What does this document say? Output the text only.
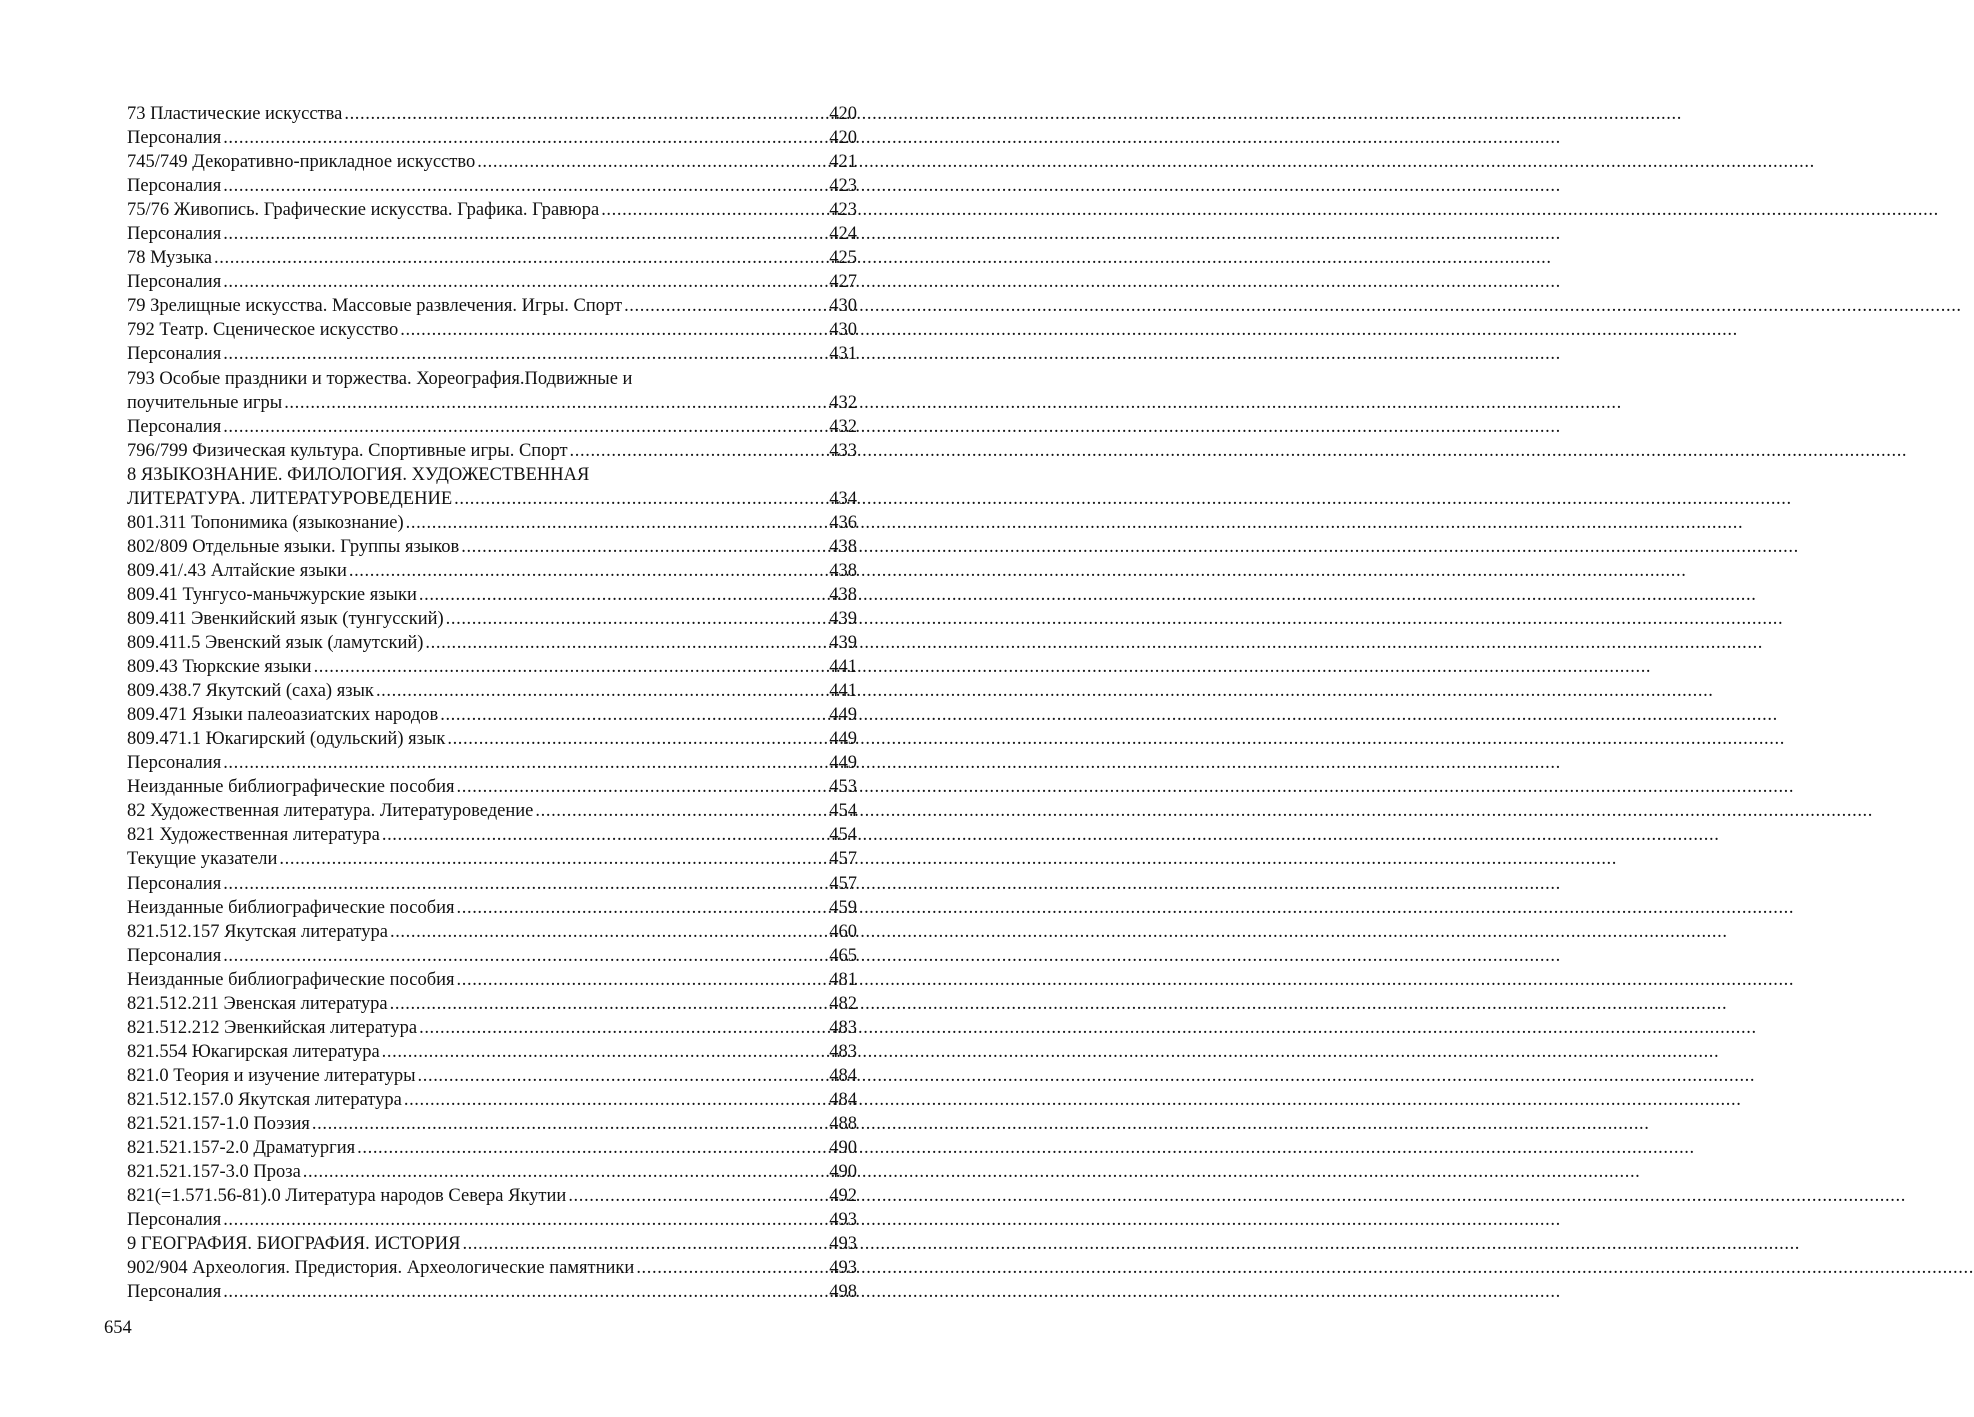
73 Пластические искусства .....	420
Персоналия .....	420
745/749 Декоративно-прикладное искусство .....	421
Персоналия .....	423
75/76 Живопись. Графические искусства. Графика. Гравюра .....	423
Персоналия .....	424
78 Музыка .....	425
Персоналия .....	427
79 Зрелищные искусства. Массовые развлечения. Игры. Спорт .....	430
792 Театр. Сценическое искусство .....	430
Персоналия .....	431
793 Особые праздники и торжества. Хореография.Подвижные и
поучительные игры .....	432
Персоналия .....	432
796/799 Физическая культура. Спортивные игры. Спорт .....	433
8 ЯЗЫКОЗНАНИЕ. ФИЛОЛОГИЯ. ХУДОЖЕСТВЕННАЯ
ЛИТЕРАТУРА. ЛИТЕРАТУРОВЕДЕНИЕ .....	434
801.311 Топонимика (языкознание) .....	436
802/809 Отдельные языки. Группы языков .....	438
809.41/.43 Алтайские языки .....	438
809.41 Тунгусо-маньчжурские языки .....	438
809.411 Эвенкийский язык (тунгусский) .....	439
809.411.5 Эвенский язык (ламутский) .....	439
809.43 Тюркские языки .....	441
809.438.7 Якутский (саха) язык .....	441
809.471 Языки палеоазиатских народов .....	449
809.471.1 Юкагирский (одульский) язык .....	449
Персоналия .....	449
Неизданные библиографические пособия .....	453
82 Художественная литература. Литературоведение .....	454
821 Художественная литература .....	454
Текущие указатели .....	457
Персоналия .....	457
Неизданные библиографические пособия .....	459
821.512.157 Якутская литература .....	460
Персоналия .....	465
Неизданные библиографические пособия .....	481
821.512.211 Эвенская литература .....	482
821.512.212 Эвенкийская литература .....	483
821.554 Юкагирская литература .....	483
821.0 Теория и изучение литературы .....	484
821.512.157.0 Якутская литература .....	484
821.521.157-1.0 Поэзия .....	488
821.521.157-2.0 Драматургия .....	490
821.521.157-3.0 Проза .....	490
821(=1.571.56-81).0 Литература народов Севера Якутии .....	492
Персоналия .....	493
9 ГЕОГРАФИЯ. БИОГРАФИЯ. ИСТОРИЯ .....	493
902/904 Археология. Предистория. Археологические памятники .....	493
Персоналия .....	498
654
